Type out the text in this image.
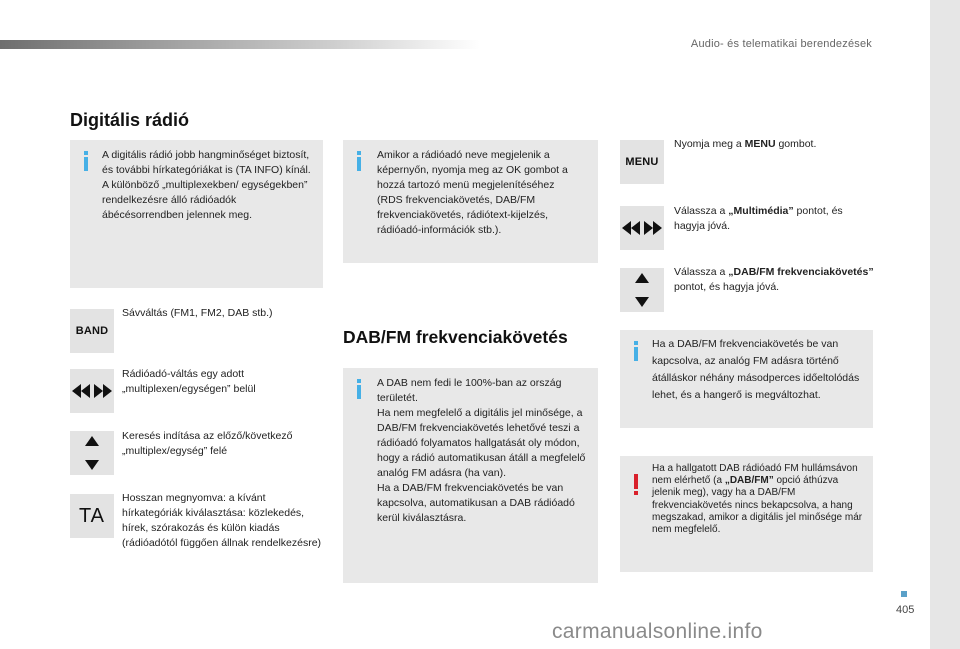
Audio- és telematikai berendezések
Digitális rádió
A digitális rádió jobb hangminőséget biztosít, és további hírkategóriákat is (TA INFO) kínál.
A különböző „multiplexekben/ egységekben” rendelkezésre álló rádióadók ábécésorrendben jelennek meg.
BAND
Sávváltás (FM1, FM2, DAB stb.)
Rádióadó-váltás egy adott „multiplexen/egységen” belül
Keresés indítása az előző/következő „multiplex/egység” felé
TA
Hosszan megnyomva: a kívánt hírkategóriák kiválasztása: közlekedés, hírek, szórakozás és külön kiadás (rádióadótól függően állnak rendelkezésre)
Amikor a rádióadó neve megjelenik a képernyőn, nyomja meg az OK gombot a hozzá tartozó menü megjelenítéséhez
(RDS frekvenciakövetés, DAB/FM frekvenciakövetés, rádiótext-kijelzés, rádióadó-információk stb.).
DAB/FM frekvenciakövetés
A DAB nem fedi le 100%-ban az ország területét.
Ha nem megfelelő a digitális jel minősége, a DAB/FM frekvenciakövetés lehetővé teszi a rádióadó folyamatos hallgatását oly módon, hogy a rádió automatikusan átáll a megfelelő analóg FM adásra (ha van).
Ha a DAB/FM frekvenciakövetés be van kapcsolva, automatikusan a DAB rádióadó kerül kiválasztásra.
MENU
Nyomja meg a MENU gombot.
Válassza a „Multimédia” pontot, és hagyja jóvá.
Válassza a „DAB/FM frekvenciakövetés” pontot, és hagyja jóvá.
Ha a DAB/FM frekvenciakövetés be van kapcsolva, az analóg FM adásra történő átálláskor néhány másodperces időeltolódás lehet, és a hangerő is megváltozhat.
Ha a hallgatott DAB rádióadó FM hullámsávon nem elérhető (a „DAB/FM” opció áthúzva jelenik meg), vagy ha a DAB/FM frekvenciakövetés nincs bekapcsolva, a hang megszakad, amikor a digitális jel minősége már nem megfelelő.
405
carmanualsonline.info
